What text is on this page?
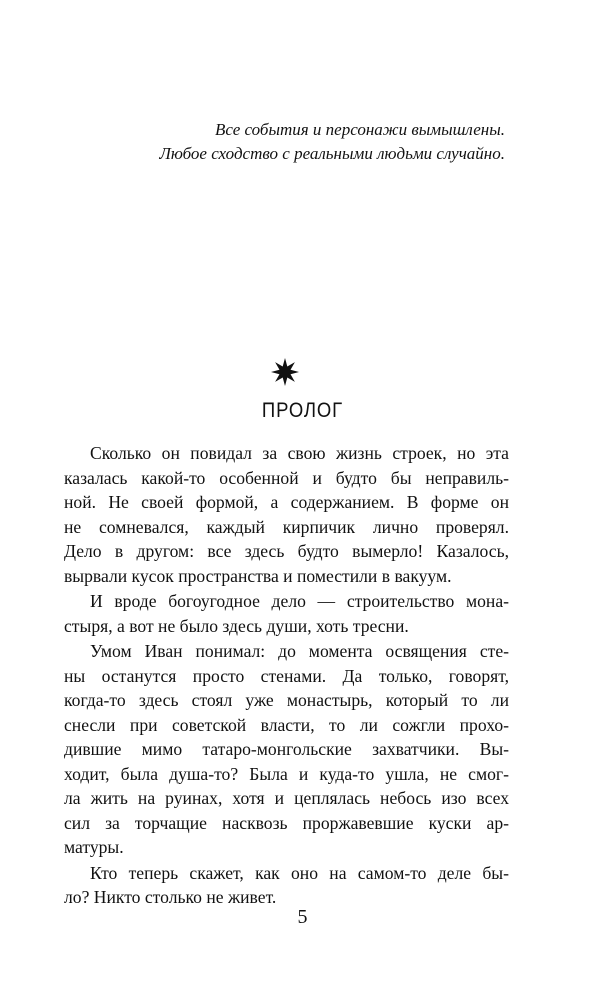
Все события и персонажи вымышлены.
Любое сходство с реальными людьми случайно.
ПРОЛОГ
Сколько он повидал за свою жизнь строек, но эта
казалась какой-то особенной и будто бы неправиль-
ной. Не своей формой, а содержанием. В форме он
не сомневался, каждый кирпичик лично проверял.
Дело в другом: все здесь будто вымерло! Казалось,
вырвали кусок пространства и поместили в вакуум.
И вроде богоугодное дело — строительство мона-
стыря, а вот не было здесь души, хоть тресни.
Умом Иван понимал: до момента освящения сте-
ны останутся просто стенами. Да только, говорят,
когда-то здесь стоял уже монастырь, который то ли
снесли при советской власти, то ли сожгли прохо-
дившие мимо татаро-монгольские захватчики. Вы-
ходит, была душа-то? Была и куда-то ушла, не смог-
ла жить на руинах, хотя и цеплялась небось изо всех
сил за торчащие насквозь проржавевшие куски ар-
матуры.
Кто теперь скажет, как оно на самом-то деле бы-
ло? Никто столько не живет.
5
